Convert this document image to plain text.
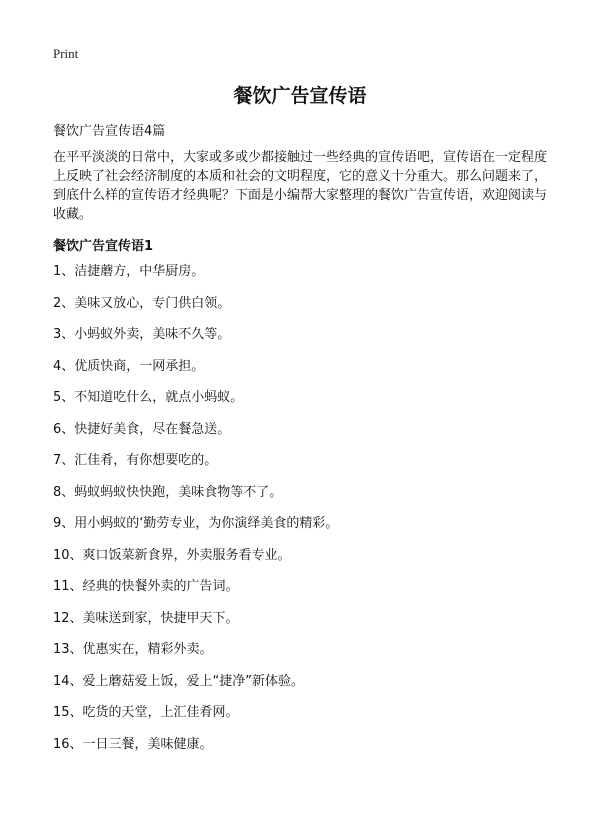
Print
餐饮广告宣传语

餐饮广告宣传语4篇

在平平淡淡的日常中，大家或多或少都接触过一些经典的宣传语吧，宣传语在一定程度上反映了社会经济制度的本质和社会的文明程度，它的意义十分重大。那么问题来了，到底什么样的宣传语才经典呢？下面是小编帮大家整理的餐饮广告宣传语，欢迎阅读与收藏。

餐饮广告宣传语1
1、洁捷蘑方，中华厨房。
2、美味又放心，专门供白领。
3、小蚂蚁外卖，美味不久等。
4、优质快商，一网承担。
5、不知道吃什么，就点小蚂蚁。
6、快捷好美食，尽在餐急送。
7、汇佳肴，有你想要吃的。
8、蚂蚁蚂蚁快快跑，美味食物等不了。
9、用小蚂蚁的‘勤劳专业，为你演绎美食的精彩。
10、爽口饭菜新食界，外卖服务看专业。
11、经典的快餐外卖的广告词。
12、美味送到家，快捷甲天下。
13、优惠实在，精彩外卖。
14、爱上蘑菇爱上饭，爱上“捷净”新体验。
15、吃货的天堂，上汇佳肴网。
16、一日三餐，美味健康。
